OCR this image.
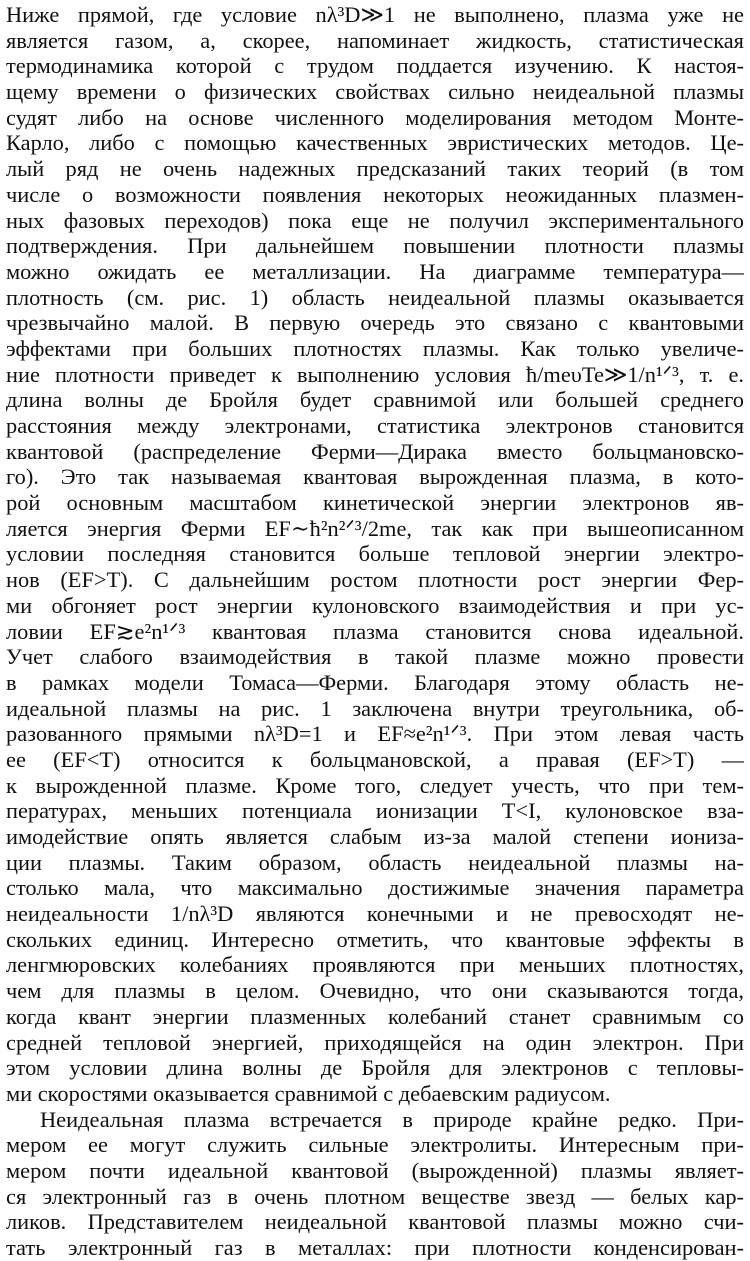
Ниже прямой, где условие nλ³D≫1 не выполнено, плазма уже не
является газом, а, скорее, напоминает жидкость, статистическая
термодинамика которой с трудом поддается изучению. К настоя-
щему времени о физических свойствах сильно неидеальной плазмы
судят либо на основе численного моделирования методом Монте-
Карло, либо с помощью качественных эвристических методов. Це-
лый ряд не очень надежных предсказаний таких теорий (в том
числе о возможности появления некоторых неожиданных плазмен-
ных фазовых переходов) пока еще не получил экспериментального
подтверждения. При дальнейшем повышении плотности плазмы
можно ожидать ее металлизации. На диаграмме температура—
плотность (см. рис. 1) область неидеальной плазмы оказывается
чрезвычайно малой. В первую очередь это связано с квантовыми
эффектами при больших плотностях плазмы. Как только увеличе-
ние плотности приведет к выполнению условия ħ/meυTe≫1/n¹ᐟ³, т. е.
длина волны де Бройля будет сравнимой или большей среднего
расстояния между электронами, статистика электронов становится
квантовой (распределение Ферми—Дирака вместо больцмановско-
го). Это так называемая квантовая вырожденная плазма, в кото-
рой основным масштабом кинетической энергии электронов яв-
ляется энергия Ферми EF∼ħ²n²ᐟ³/2me, так как при вышеописанном
условии последняя становится больше тепловой энергии электро-
нов (EF>T). С дальнейшим ростом плотности рост энергии Фер-
ми обгоняет рост энергии кулоновского взаимодействия и при ус-
ловии EF≳e²n¹ᐟ³ квантовая плазма становится снова идеальной.
Учет слабого взаимодействия в такой плазме можно провести
в рамках модели Томаса—Ферми. Благодаря этому область не-
идеальной плазмы на рис. 1 заключена внутри треугольника, об-
разованного прямыми nλ³D=1 и EF≈e²n¹ᐟ³. При этом левая часть
ее (EF<T) относится к больцмановской, а правая (EF>T) —
к вырожденной плазме. Кроме того, следует учесть, что при тем-
пературах, меньших потенциала ионизации T<I, кулоновское вза-
имодействие опять является слабым из-за малой степени иониза-
ции плазмы. Таким образом, область неидеальной плазмы на-
столько мала, что максимально достижимые значения параметра
неидеальности 1/nλ³D являются конечными и не превосходят не-
скольких единиц. Интересно отметить, что квантовые эффекты в
ленгмюровских колебаниях проявляются при меньших плотностях,
чем для плазмы в целом. Очевидно, что они сказываются тогда,
когда квант энергии плазменных колебаний станет сравнимым со
средней тепловой энергией, приходящейся на один электрон. При
этом условии длина волны де Бройля для электронов с тепловы-
ми скоростями оказывается сравнимой с дебаевским радиусом.
Неидеальная плазма встречается в природе крайне редко. При-
мером ее могут служить сильные электролиты. Интересным при-
мером почти идеальной квантовой (вырожденной) плазмы являет-
ся электронный газ в очень плотном веществе звезд — белых кар-
ликов. Представителем неидеальной квантовой плазмы можно счи-
тать электронный газ в металлах: при плотности конденсирован-
